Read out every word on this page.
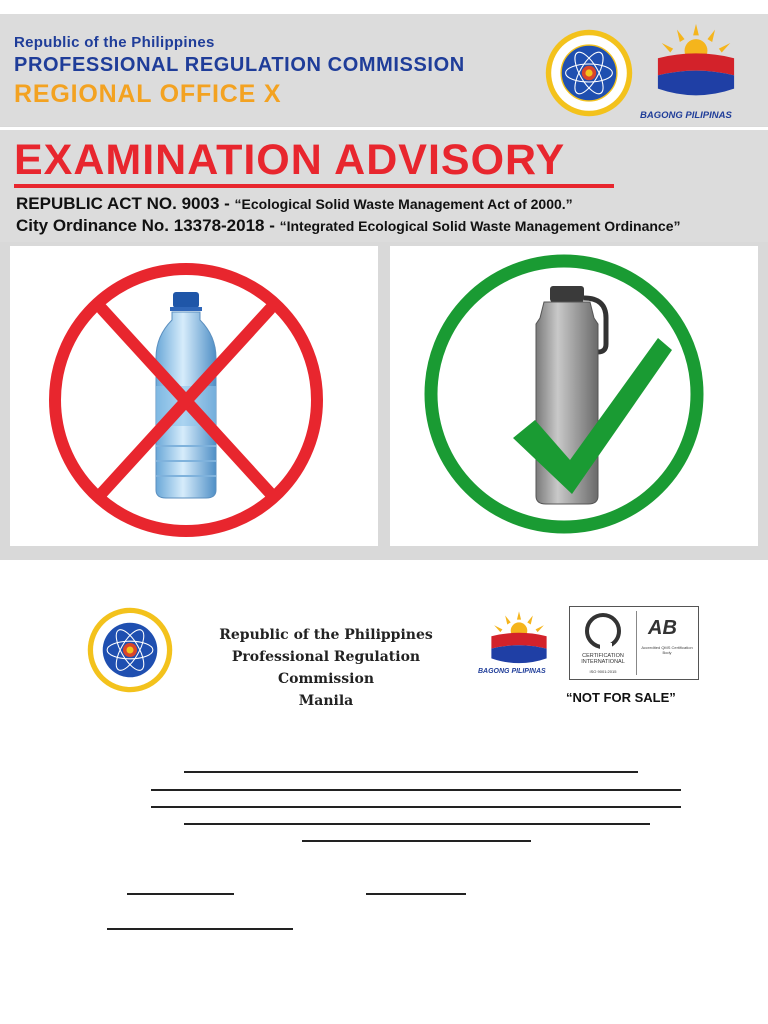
Republic of the Philippines
PROFESSIONAL REGULATION COMMISSION
REGIONAL OFFICE X
BAGONG PILIPINAS
EXAMINATION ADVISORY
REPUBLIC ACT NO. 9003 - “Ecological Solid Waste Management Act of 2000.”
City Ordinance No. 13378-2018 - “Integrated Ecological Solid Waste Management Ordinance”
Republic of the Philippines
Professional Regulation Commission
Manila
BAGONG PILIPINAS
CERTIFICATION INTERNATIONAL
ISO 9001:2015
AB
Accredited QMS Certification Body
“NOT FOR SALE”
